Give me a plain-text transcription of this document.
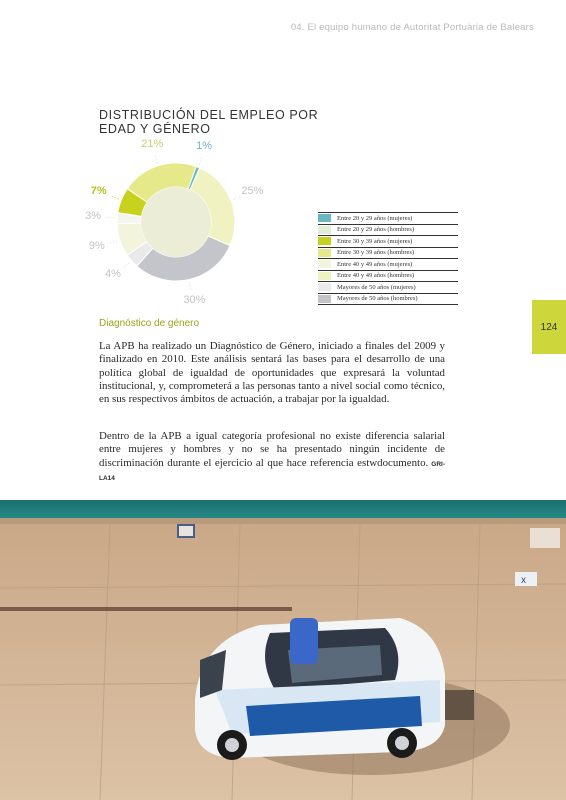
04. El equipo humano de Autoritat Portuària de Balears
DISTRIBUCIÓN DEL EMPLEO POR
EDAD Y GÉNERO
1%
25%
30%
4%
9%
3%
7%
21%
Entre 20 y 29 años (mujeres)
Entre 20 y 29 años (hombres)
Entre 30 y 39 años (mujeres)
Entre 30 y 39 años (hombres)
Entre 40 y 49 años (mujeres)
Entre 40 y 49 años (hombres)
Mayores de 50 años (mujeres)
Mayores de 50 años (hombres)
Diagnóstico de género

La APB ha realizado un Diagnóstico de Género, iniciado a finales del 2009 y finalizado en 2010. Este análisis sentará las bases para el desarrollo de una política global de igualdad de oportunidades que expresará la voluntad institucional, y, comprometerá a las personas tanto a nivel social como técnico, en sus respectivos ámbitos de actuación, a trabajar por la igualdad.

Dentro de la APB a igual categoría profesional no existe diferencia salarial entre mujeres y hombres y no se ha presentado ningún incidente de discriminación durante el ejercicio al que hace referencia estwdocumento. GRI-LA14

124
x
